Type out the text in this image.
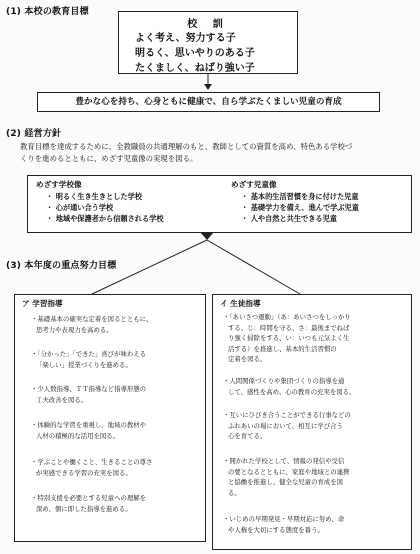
(1) 本校の教育目標
校 訓
よく考え、努力する子
明るく、思いやりのある子
たくましく、ねばり強い子
豊かな心を持ち、心身ともに健康で、自ら学ぶたくましい児童の育成
(2) 経営方針
教育目標を達成するために、全教職員の共通理解のもと、教師としての資質を高め、特色ある学校づ
くりを進めるとともに、めざす児童像の実現を図る。
めざす学校像
・ 明るく生き生きとした学校
・ 心が通い合う学校
・ 地域や保護者から信頼される学校
めざす児童像
・ 基本的生活習慣を身に付けた児童
・ 基礎学力を備え、進んで学ぶ児童
・ 人や自然と共生できる児童
(3) 本年度の重点努力目標
ア 学習指導
・基礎基本の確実な定着を図るとともに、
思考力や表現力を高める。
・「分かった」「できた」喜びが味わえる
「楽しい」授業づくりを進める。
・少人数指導、ＴＴ指導など指導形態の
工夫改善を図る。
・体験的な学習を重視し、地域の教材や
人材の積極的な活用を図る。
・学ぶことや働くこと、生きることの尊さ
が実感できる学習の充実を図る。
・特別支援を必要とする児童への理解を
深め、個に即した指導を進める。
イ 生徒指導
・「あいさつ運動」（あ：あいさつをしっかり
する、じ：時間を守る、さ：最後までねば
り強く掃除をする、い：いつも元気よく生
活する）を推進し、基本的生活習慣の
定着を図る。
・人間関係づくりや集団づくりの指導を通
して、感性を高め、心の教育の充実を図る。
・互いにひびき合うことができる行事などの
ふれあいの場において、相互に学び合う
心を育てる。
・開かれた学校として、情報の発信や受信
の要となるとともに、家庭や地域との連携
と協働を推進し、健全な児童の育成を図
る。
・いじめの早期発見・早期対応に努め、命
や人権を大切にする態度を養う。
